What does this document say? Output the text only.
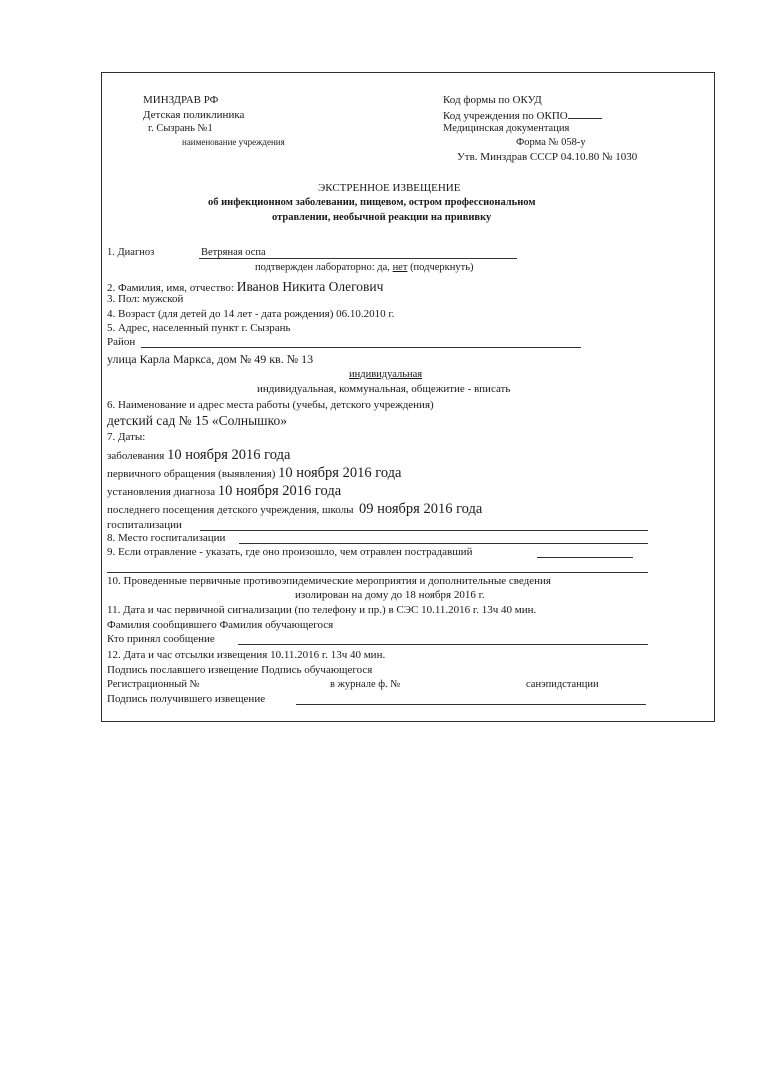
МИНЗДРАВ РФ
Детская поликлиника
г. Сызрань №1
наименование учреждения
Код формы по ОКУД
Код учреждения по ОКПО
Медицинская документация
Форма № 058-у
Утв. Минздрав СССР 04.10.80 № 1030
ЭКСТРЕННОЕ ИЗВЕЩЕНИЕ
об инфекционном заболевании, пищевом, остром профессиональном
отравлении, необычной реакции на прививку
1. Диагноз	Ветряная оспа
подтвержден лабораторно: да, нет (подчеркнуть)
2. Фамилия, имя, отчество: Иванов Никита Олегович
3. Пол: мужской
4. Возраст (для детей до 14 лет - дата рождения) 06.10.2010 г.
5. Адрес, населенный пункт г. Сызрань
Район
улица Карла Маркса, дом № 49 кв. № 13
индивидуальная
индивидуальная, коммунальная, общежитие - вписать
6. Наименование и адрес места работы (учебы, детского учреждения)
детский сад № 15 «Солнышко»
7. Даты:
заболевания 10 ноября 2016 года
первичного обращения (выявления) 10 ноября 2016 года
установления диагноза 10 ноября 2016 года
последнего посещения детского учреждения, школы 09 ноября 2016 года
госпитализации
8. Место госпитализации
9. Если отравление - указать, где оно произошло, чем отравлен пострадавший
10. Проведенные первичные противоэпидемические мероприятия и дополнительные сведения
изолирован на дому до 18 ноября 2016 г.
11. Дата и час первичной сигнализации (по телефону и пр.) в СЭС 10.11.2016 г. 13ч 40 мин.
Фамилия сообщившего Фамилия обучающегося
Кто принял сообщение
12. Дата и час отсылки извещения 10.11.2016 г. 13ч 40 мин.
Подпись пославшего извещение Подпись обучающегося
Регистрационный №	в журнале ф. №	санэпидстанции
Подпись получившего извещение
